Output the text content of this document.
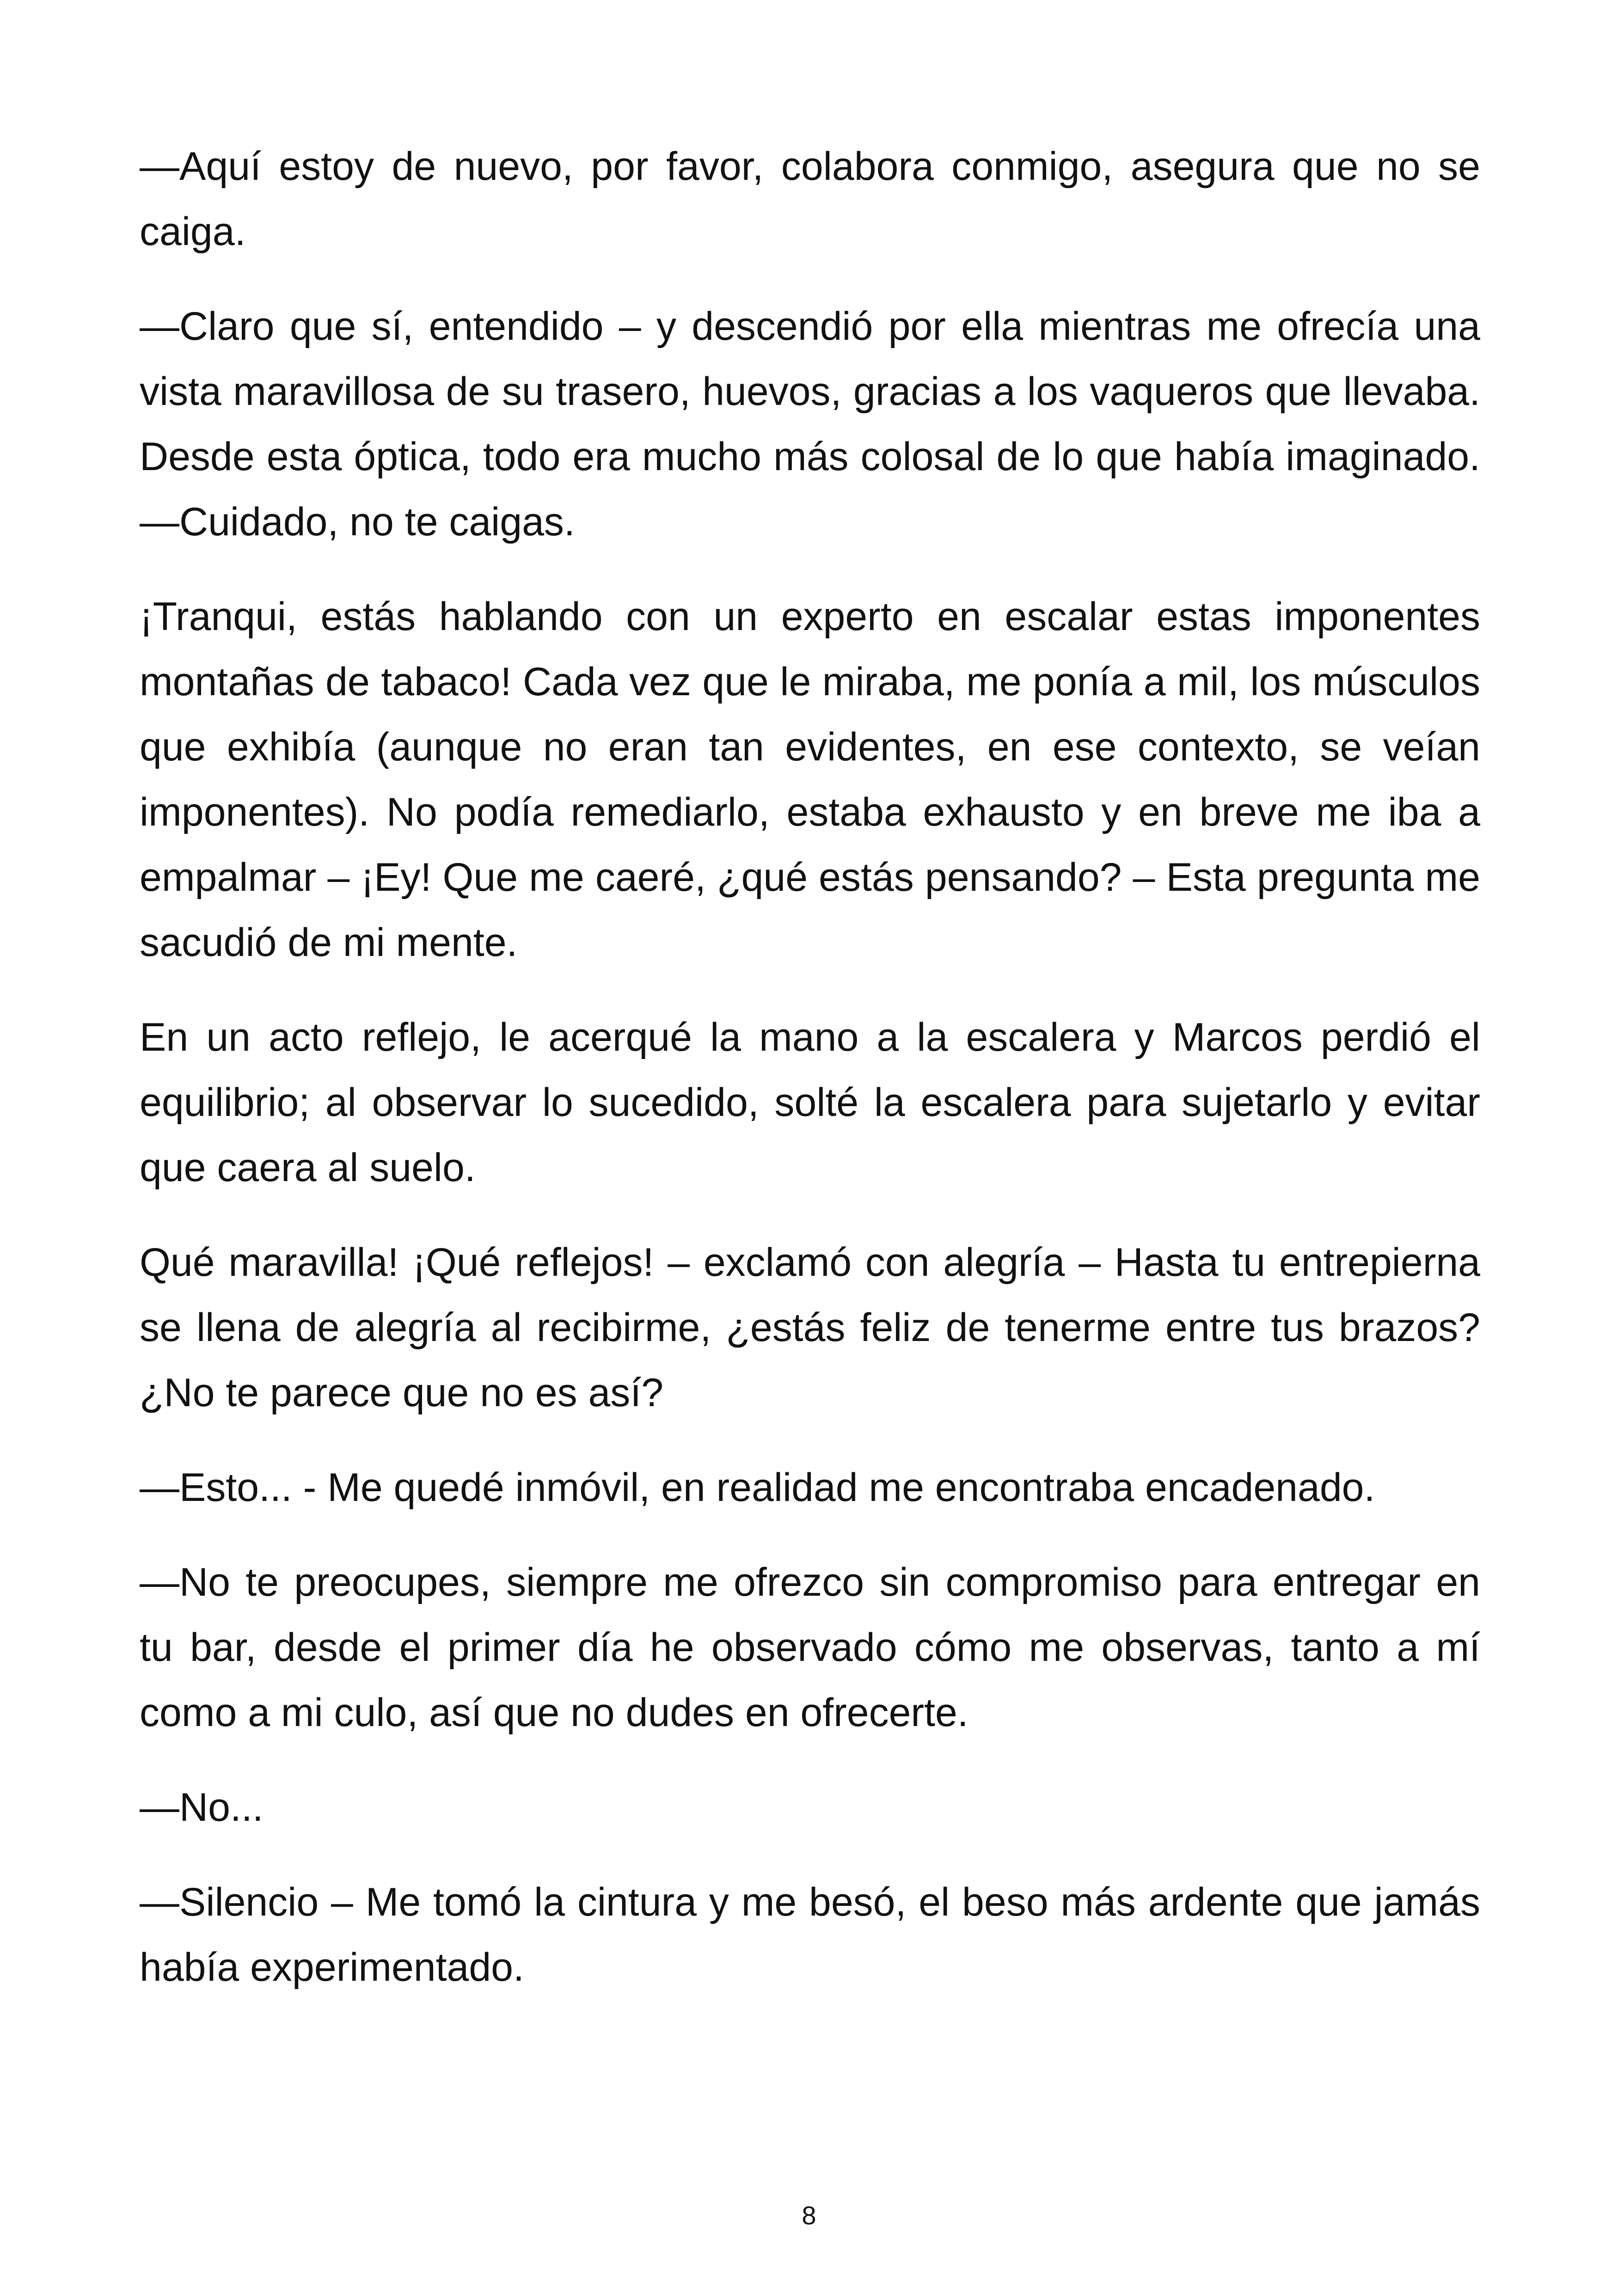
—Aquí estoy de nuevo, por favor, colabora conmigo, asegura que no se caiga.

—Claro que sí, entendido – y descendió por ella mientras me ofrecía una vista maravillosa de su trasero, huevos, gracias a los vaqueros que llevaba. Desde esta óptica, todo era mucho más colosal de lo que había imaginado. —Cuidado, no te caigas.

¡Tranqui, estás hablando con un experto en escalar estas imponentes montañas de tabaco! Cada vez que le miraba, me ponía a mil, los músculos que exhibía (aunque no eran tan evidentes, en ese contexto, se veían imponentes). No podía remediarlo, estaba exhausto y en breve me iba a empalmar – ¡Ey! Que me caeré, ¿qué estás pensando? – Esta pregunta me sacudió de mi mente.

En un acto reflejo, le acerqué la mano a la escalera y Marcos perdió el equilibrio; al observar lo sucedido, solté la escalera para sujetarlo y evitar que caera al suelo.

Qué maravilla! ¡Qué reflejos! – exclamó con alegría – Hasta tu entrepierna se llena de alegría al recibirme, ¿estás feliz de tenerme entre tus brazos? ¿No te parece que no es así?

—Esto... - Me quedé inmóvil, en realidad me encontraba encadenado.

—No te preocupes, siempre me ofrezco sin compromiso para entregar en tu bar, desde el primer día he observado cómo me observas, tanto a mí como a mi culo, así que no dudes en ofrecerte.

—No...

—Silencio – Me tomó la cintura y me besó, el beso más ardente que jamás había experimentado.

8
